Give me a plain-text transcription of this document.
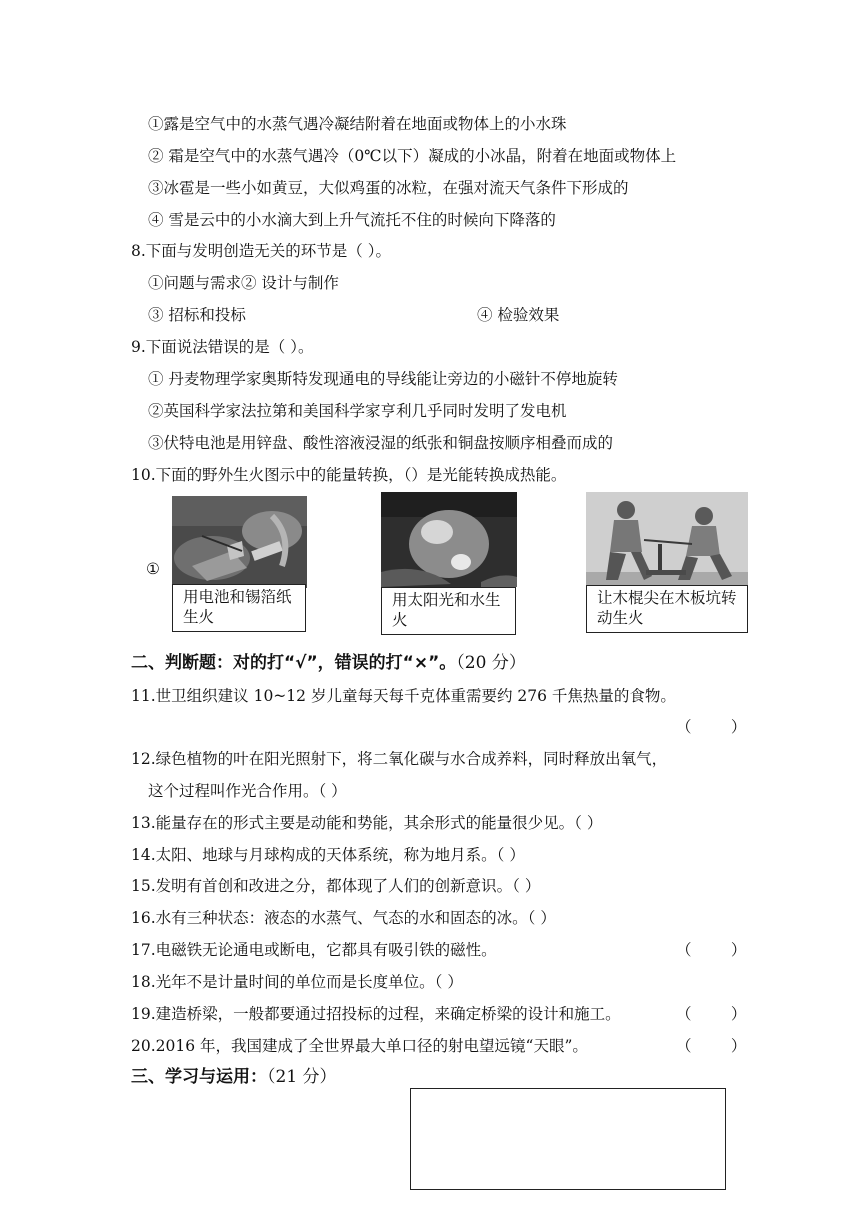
①露是空气中的水蒸气遇冷凝结附着在地面或物体上的小水珠
② 霜是空气中的水蒸气遇冷（0℃以下）凝成的小冰晶，附着在地面或物体上
③冰雹是一些小如黄豆，大似鸡蛋的冰粒，在强对流天气条件下形成的
④ 雪是云中的小水滴大到上升气流托不住的时候向下降落的
8.下面与发明创造无关的环节是（ ）。
①问题与需求② 设计与制作
③ 招标和投标	④ 检验效果
9.下面说法错误的是（ ）。
① 丹麦物理学家奥斯特发现通电的导线能让旁边的小磁针不停地旋转
②英国科学家法拉第和美国科学家亨利几乎同时发明了发电机
③伏特电池是用锌盘、酸性溶液浸湿的纸张和铜盘按顺序相叠而成的
10.下面的野外生火图示中的能量转换，（）是光能转换成热能。
①
用电池和锡箔纸生火
用太阳光和水生火
让木棍尖在木板坑转动生火
二、判断题：对的打“√”，错误的打“×”。（20 分）
11.世卫组织建议 10~12 岁儿童每天每千克体重需要约 276 千焦热量的食物。
（        ）
12.绿色植物的叶在阳光照射下，将二氧化碳与水合成养料，同时释放出氧气，
这个过程叫作光合作用。（ ）
13.能量存在的形式主要是动能和势能，其余形式的能量很少见。（ ）
14.太阳、地球与月球构成的天体系统，称为地月系。（ ）
15.发明有首创和改进之分，都体现了人们的创新意识。（ ）
16.水有三种状态：液态的水蒸气、气态的水和固态的冰。（ ）
17.电磁铁无论通电或断电，它都具有吸引铁的磁性。	（        ）
18.光年不是计量时间的单位而是长度单位。（ ）
19.建造桥梁，一般都要通过招投标的过程，来确定桥梁的设计和施工。	（        ）
20.2016 年，我国建成了全世界最大单口径的射电望远镜“天眼”。	（        ）
三、学习与运用：（21 分）
